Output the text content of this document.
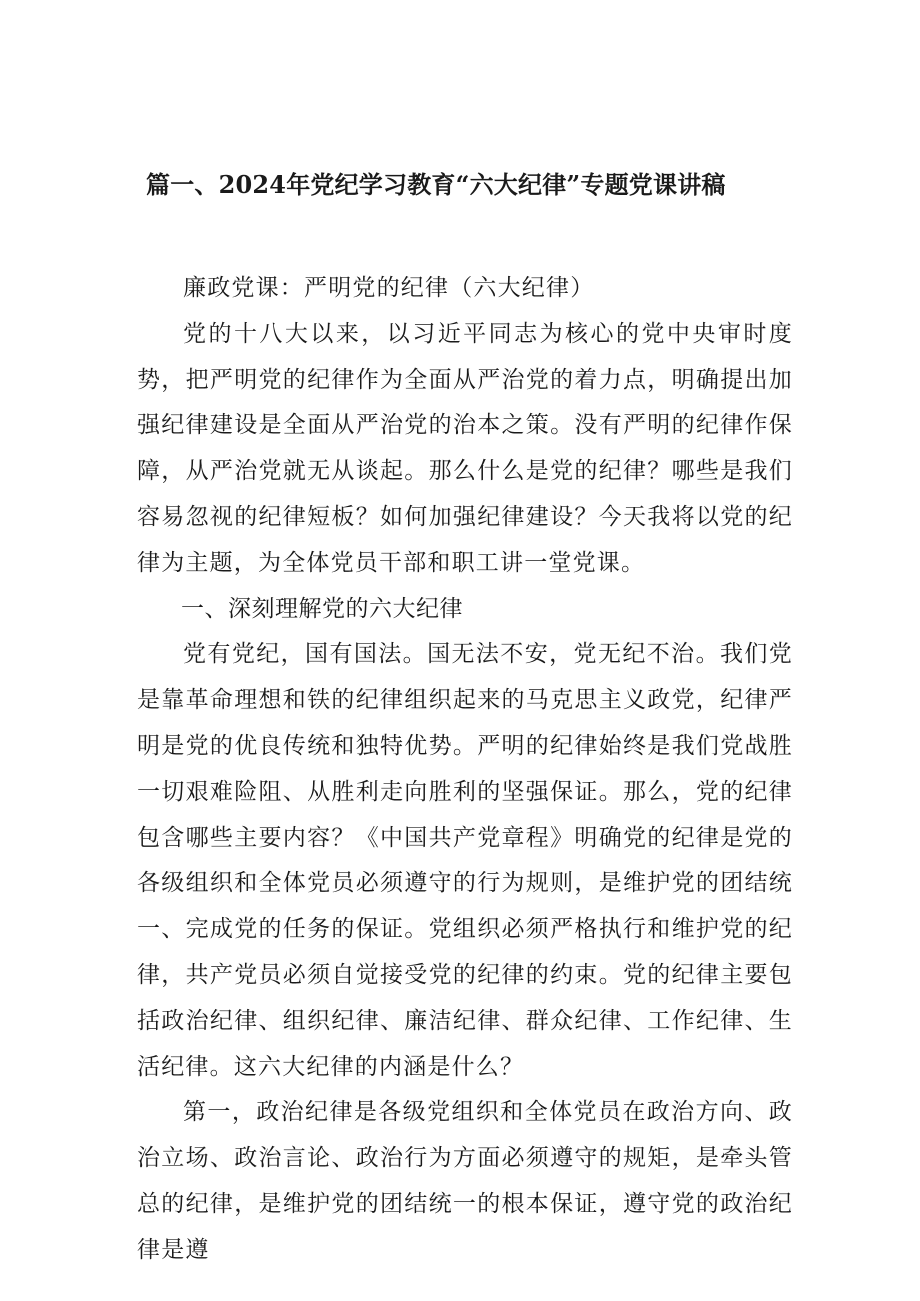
篇一、2024年党纪学习教育“六大纪律”专题党课讲稿

廉政党课：严明党的纪律（六大纪律）

党的十八大以来，以习近平同志为核心的党中央审时度势，把严明党的纪律作为全面从严治党的着力点，明确提出加强纪律建设是全面从严治党的治本之策。没有严明的纪律作保障，从严治党就无从谈起。那么什么是党的纪律？哪些是我们容易忽视的纪律短板？如何加强纪律建设？今天我将以党的纪律为主题，为全体党员干部和职工讲一堂党课。

一、深刻理解党的六大纪律

党有党纪，国有国法。国无法不安，党无纪不治。我们党是靠革命理想和铁的纪律组织起来的马克思主义政党，纪律严明是党的优良传统和独特优势。严明的纪律始终是我们党战胜一切艰难险阻、从胜利走向胜利的坚强保证。那么，党的纪律包含哪些主要内容？《中国共产党章程》明确党的纪律是党的各级组织和全体党员必须遵守的行为规则，是维护党的团结统一、完成党的任务的保证。党组织必须严格执行和维护党的纪律，共产党员必须自觉接受党的纪律的约束。党的纪律主要包括政治纪律、组织纪律、廉洁纪律、群众纪律、工作纪律、生活纪律。这六大纪律的内涵是什么？

第一，政治纪律是各级党组织和全体党员在政治方向、政治立场、政治言论、政治行为方面必须遵守的规矩，是牵头管总的纪律，是维护党的团结统一的根本保证，遵守党的政治纪律是遵
